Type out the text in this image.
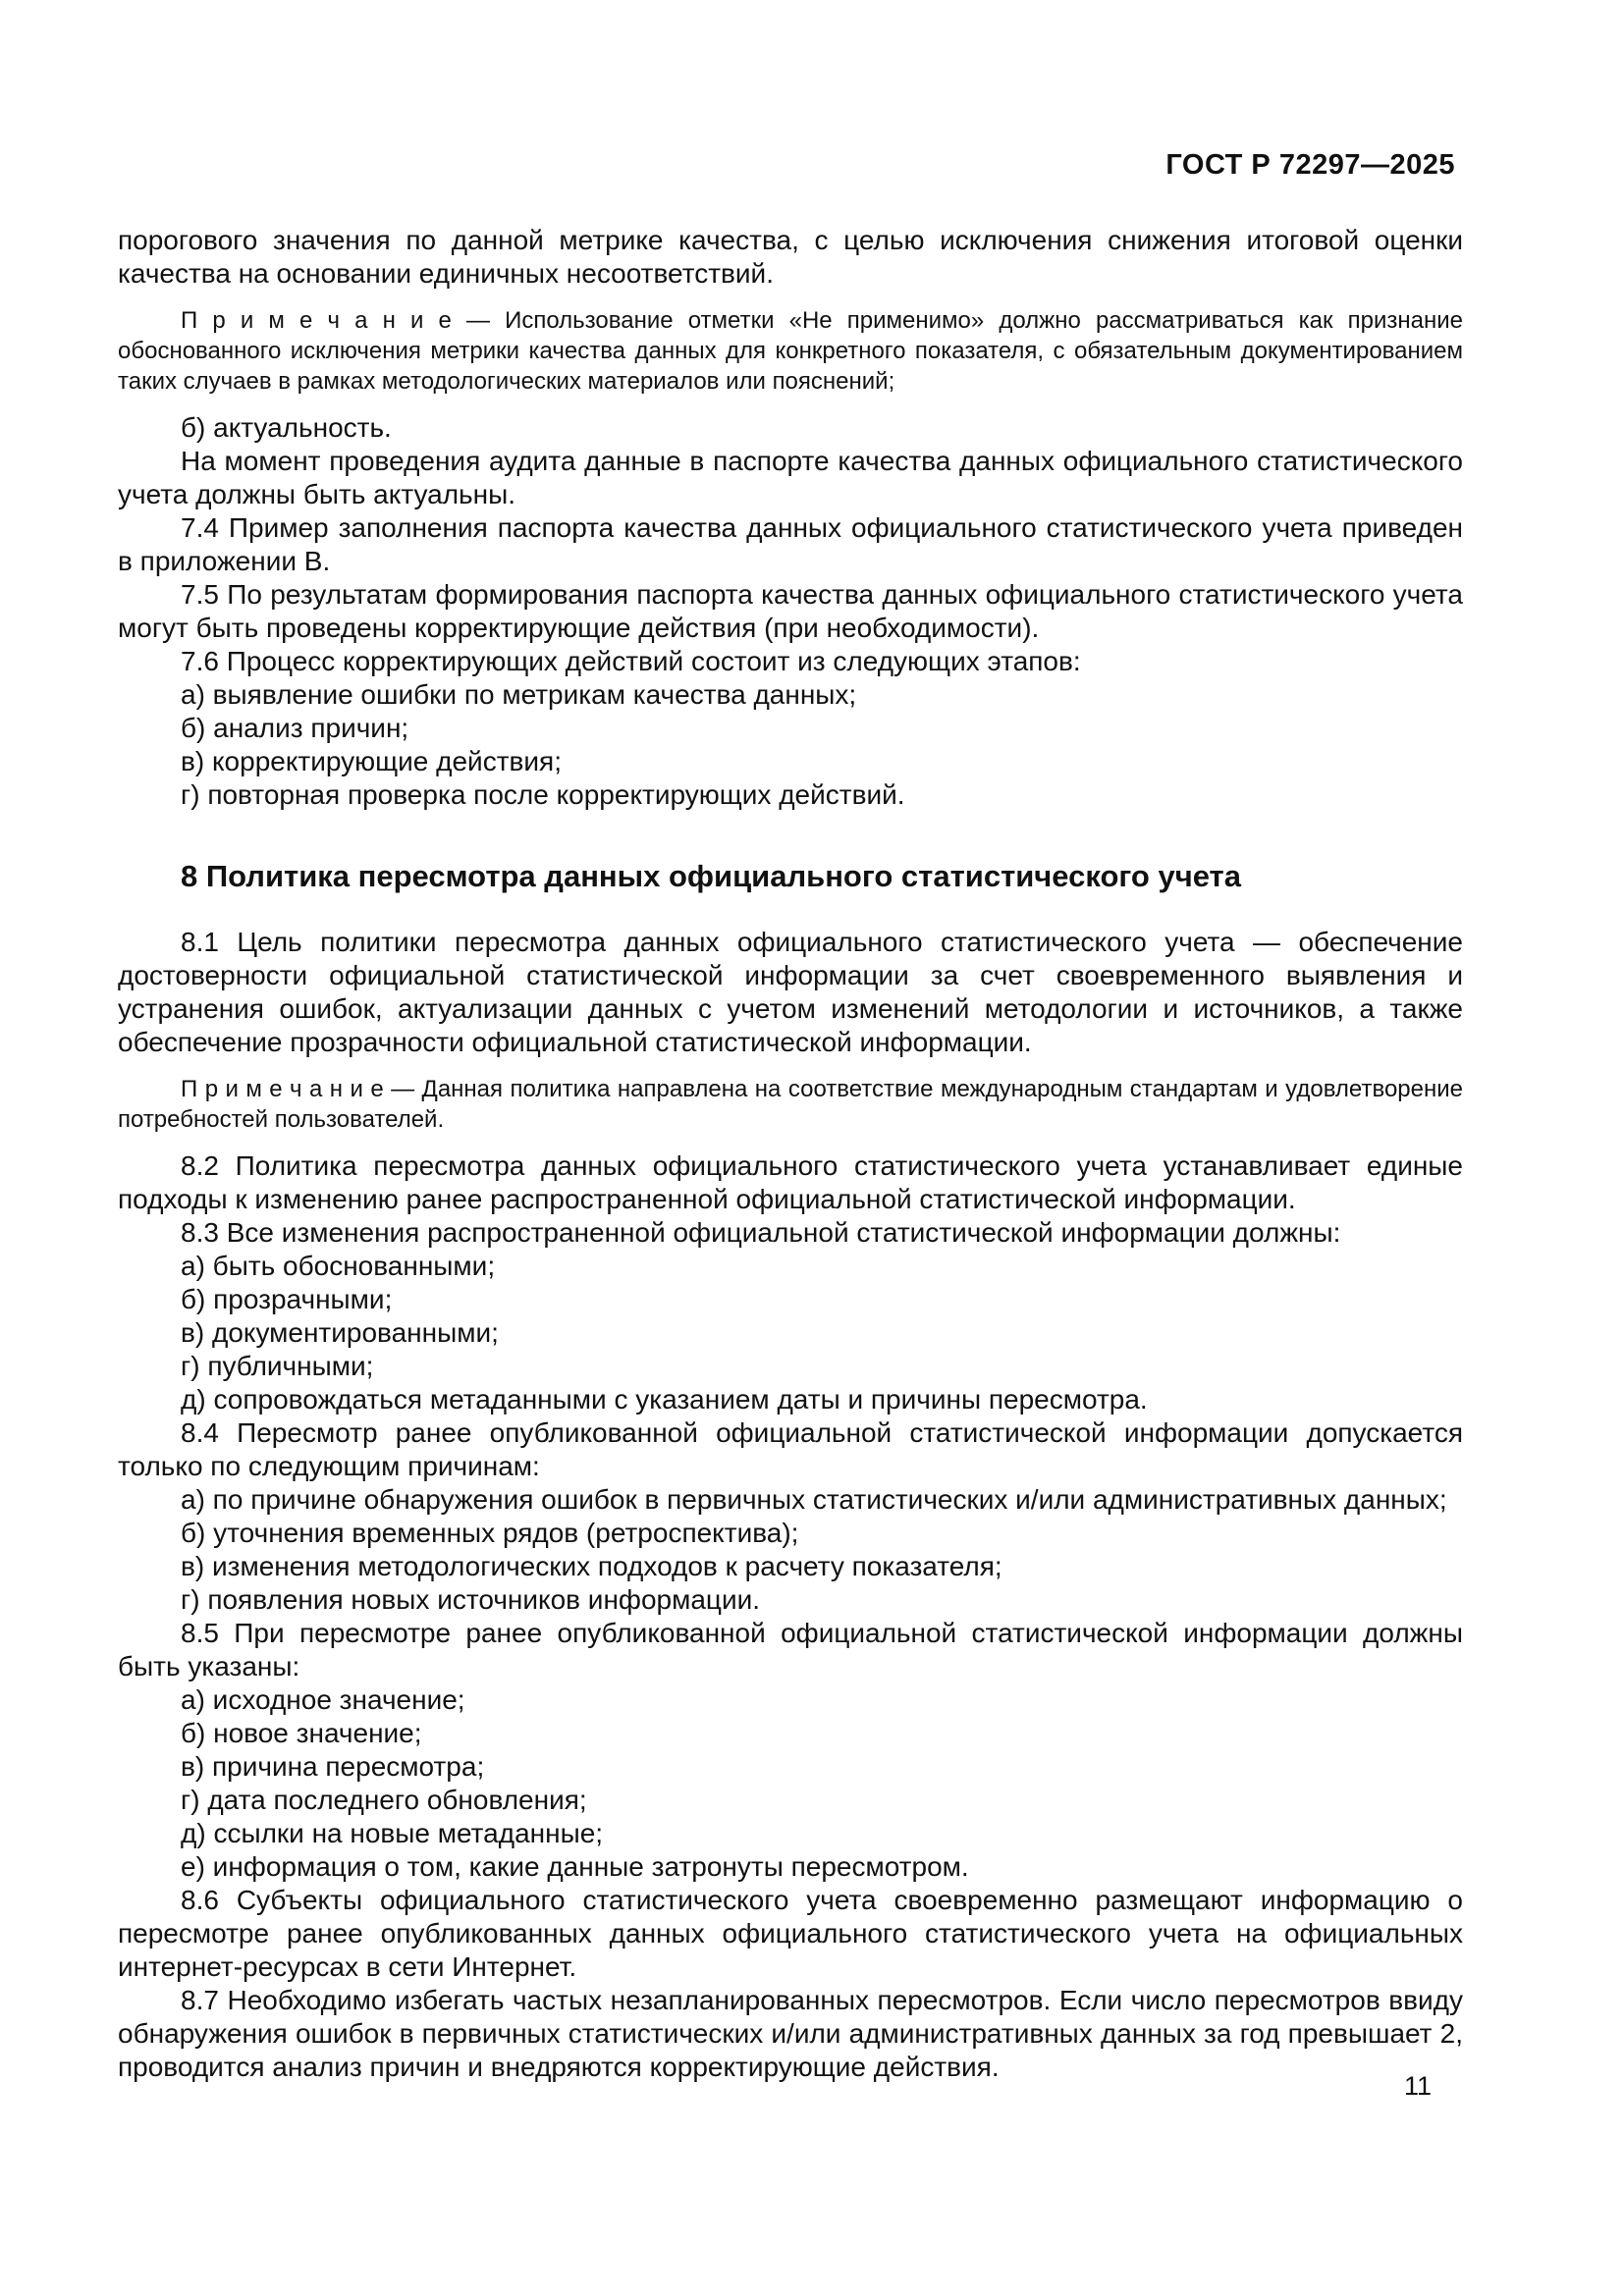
ГОСТ Р 72297—2025

порогового значения по данной метрике качества, с целью исключения снижения итоговой оценки качества на основании единичных несоответствий.

П р и м е ч а н и е — Использование отметки «Не применимо» должно рассматриваться как признание обоснованного исключения метрики качества данных для конкретного показателя, с обязательным документированием таких случаев в рамках методологических материалов или пояснений;

б) актуальность.

На момент проведения аудита данные в паспорте качества данных официального статистического учета должны быть актуальны.

7.4 Пример заполнения паспорта качества данных официального статистического учета приведен в приложении В.

7.5 По результатам формирования паспорта качества данных официального статистического учета могут быть проведены корректирующие действия (при необходимости).

7.6 Процесс корректирующих действий состоит из следующих этапов:

а) выявление ошибки по метрикам качества данных;

б) анализ причин;

в) корректирующие действия;

г) повторная проверка после корректирующих действий.

8 Политика пересмотра данных официального статистического учета

8.1 Цель политики пересмотра данных официального статистического учета — обеспечение достоверности официальной статистической информации за счет своевременного выявления и устранения ошибок, актуализации данных с учетом изменений методологии и источников, а также обеспечение прозрачности официальной статистической информации.

П р и м е ч а н и е — Данная политика направлена на соответствие международным стандартам и удовлетворение потребностей пользователей.

8.2 Политика пересмотра данных официального статистического учета устанавливает единые подходы к изменению ранее распространенной официальной статистической информации.

8.3 Все изменения распространенной официальной статистической информации должны:

а) быть обоснованными;

б) прозрачными;

в) документированными;

г) публичными;

д) сопровождаться метаданными с указанием даты и причины пересмотра.

8.4 Пересмотр ранее опубликованной официальной статистической информации допускается только по следующим причинам:

а) по причине обнаружения ошибок в первичных статистических и/или административных данных;

б) уточнения временных рядов (ретроспектива);

в) изменения методологических подходов к расчету показателя;

г) появления новых источников информации.

8.5 При пересмотре ранее опубликованной официальной статистической информации должны быть указаны:

а) исходное значение;

б) новое значение;

в) причина пересмотра;

г) дата последнего обновления;

д) ссылки на новые метаданные;

е) информация о том, какие данные затронуты пересмотром.

8.6 Субъекты официального статистического учета своевременно размещают информацию о пересмотре ранее опубликованных данных официального статистического учета на официальных интернет-ресурсах в сети Интернет.

8.7 Необходимо избегать частых незапланированных пересмотров. Если число пересмотров ввиду обнаружения ошибок в первичных статистических и/или административных данных за год превышает 2, проводится анализ причин и внедряются корректирующие действия.

11
